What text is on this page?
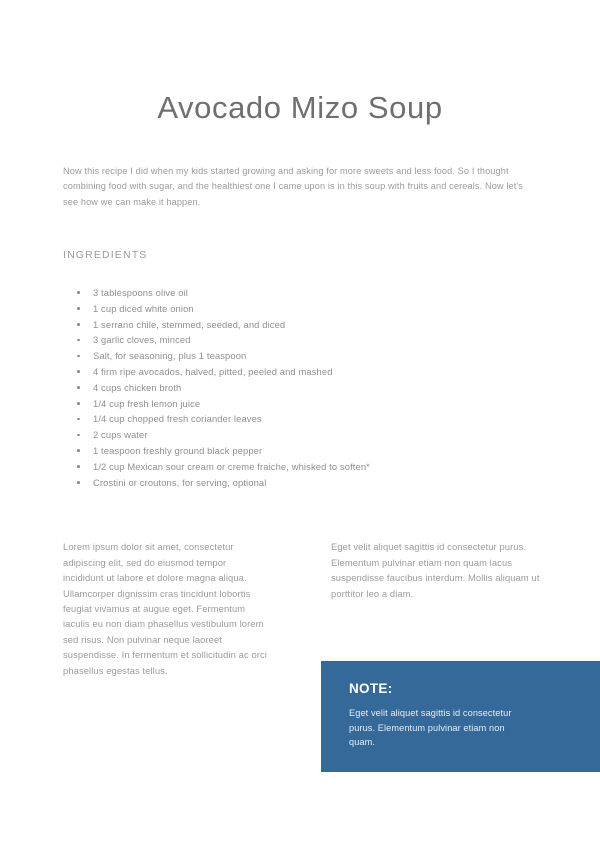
Avocado Mizo Soup

Now this recipe I did when my kids started growing and asking for more sweets and less food. So I thought combining food with sugar, and the healthiest one I came upon is in this soup with fruits and cereals. Now let's see how we can make it happen.

INGREDIENTS
3 tablespoons olive oil
1 cup diced white onion
1 serrano chile, stemmed, seeded, and diced
3 garlic cloves, minced
Salt, for seasoning, plus 1 teaspoon
4 firm ripe avocados, halved, pitted, peeled and mashed
4 cups chicken broth
1/4 cup fresh lemon juice
1/4 cup chopped fresh coriander leaves
2 cups water
1 teaspoon freshly ground black pepper
1/2 cup Mexican sour cream or creme fraiche, whisked to soften*
Crostini or croutons, for serving, optional

Lorem ipsum dolor sit amet, consectetur adipiscing elit, sed do eiusmod tempor incididunt ut labore et dolore magna aliqua. Ullamcorper dignissim cras tincidunt lobortis feugiat vivamus at augue eget. Fermentum iaculis eu non diam phasellus vestibulum lorem sed risus. Non pulvinar neque laoreet suspendisse. In fermentum et sollicitudin ac orci phasellus egestas tellus.

Eget velit aliquet sagittis id consectetur purus. Elementum pulvinar etiam non quam lacus suspendisse faucibus interdum. Mollis aliquam ut porttitor leo a diam.

NOTE:
Eget velit aliquet sagittis id consectetur purus. Elementum pulvinar etiam non quam.
